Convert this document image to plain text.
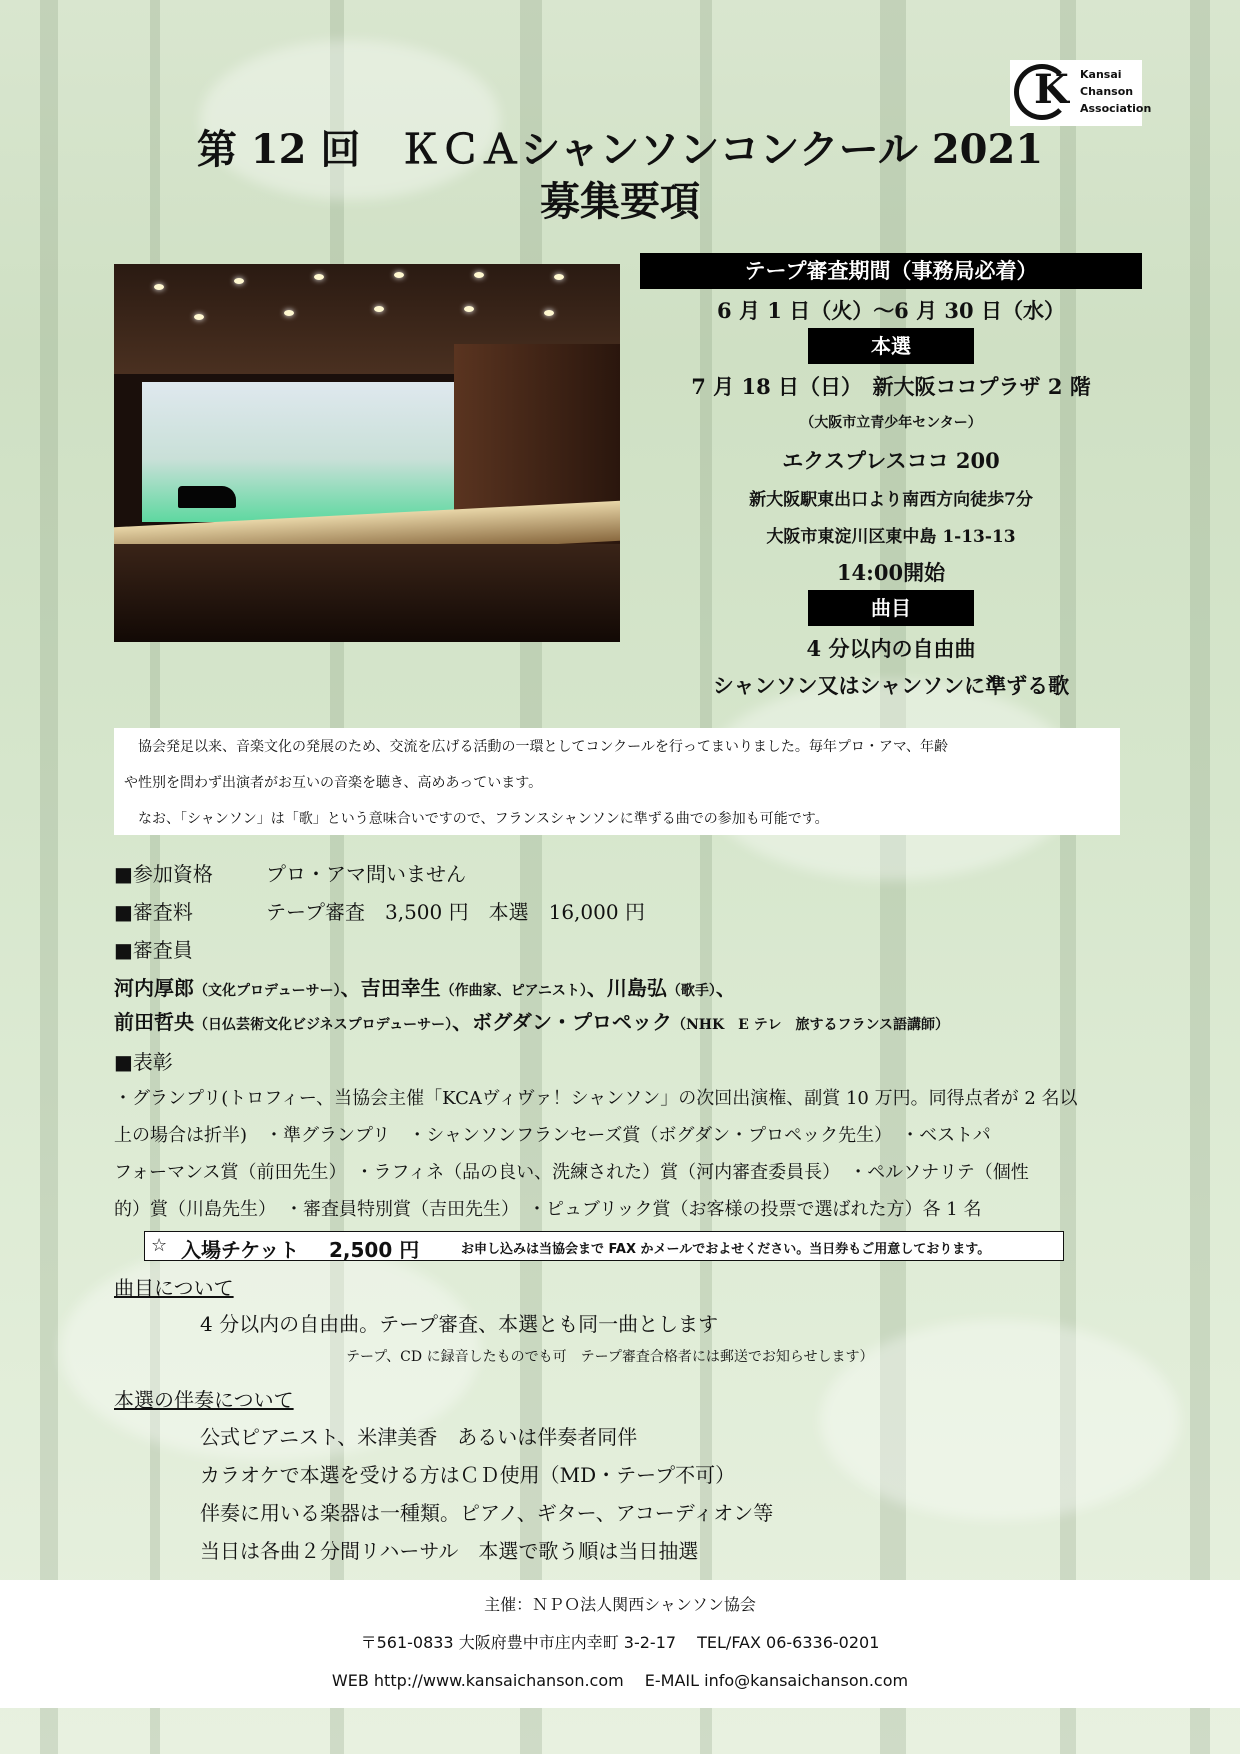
K Kansai
Chanson
Association
第 12 回　ＫＣＡシャンソンコンクール 2021
募集要項
テープ審査期間（事務局必着）
6 月 1 日（火）〜6 月 30 日（水）
本選
7 月 18 日（日）　新大阪ココプラザ 2 階
（大阪市立青少年センター）
エクスプレスココ 200
新大阪駅東出口より南西方向徒歩7分
大阪市東淀川区東中島 1-13-13
14:00開始
曲目
4 分以内の自由曲
シャンソン又はシャンソンに準ずる歌
　協会発足以来、音楽文化の発展のため、交流を広げる活動の一環としてコンクールを行ってまいりました。毎年プロ・アマ、年齢
や性別を問わず出演者がお互いの音楽を聴き、高めあっています。
　なお、「シャンソン」は「歌」という意味合いですので、フランスシャンソンに準ずる曲での参加も可能です。
■参加資格	プロ・アマ問いません
■審査料	テープ審査　3,500 円　本選　16,000 円
■審査員
河内厚郎（文化プロデューサー）、吉田幸生（作曲家、ピアニスト）、川島弘（歌手）、
前田哲央（日仏芸術文化ビジネスプロデューサー）、ボグダン・プロペック（NHK　E テレ　旅するフランス語講師）
■表彰
・グランプリ(トロフィー、当協会主催「KCAヴィヴァ！シャンソン」の次回出演権、副賞 10 万円。同得点者が 2 名以
上の場合は折半)　・準グランプリ　・シャンソンフランセーズ賞（ボグダン・プロペック先生）　・ベストパ
フォーマンス賞（前田先生）　・ラフィネ（品の良い、洗練された）賞（河内審査委員長）　・ペルソナリテ（個性
的）賞（川島先生）　・審査員特別賞（吉田先生）　・ピュブリック賞（お客様の投票で選ばれた方）各 1 名
☆ 入場チケット 2,500 円	お申し込みは当協会まで FAX かメールでおよせください。当日券もご用意しております。
曲目について
4 分以内の自由曲。テープ審査、本選とも同一曲とします
テープ、CD に録音したものでも可　テープ審査合格者には郵送でお知らせします）
本選の伴奏について
公式ピアニスト、米津美香　あるいは伴奏者同伴
カラオケで本選を受ける方はＣＤ使用（MD・テープ不可）
伴奏に用いる楽器は一種類。ピアノ、ギター、アコーディオン等
当日は各曲２分間リハーサル　本選で歌う順は当日抽選
主催：ＮＰＯ法人関西シャンソン協会
〒561-0833 大阪府豊中市庄内幸町 3-2-17　 TEL/FAX 06-6336-0201
WEB http://www.kansaichanson.com　 E-MAIL info@kansaichanson.com
